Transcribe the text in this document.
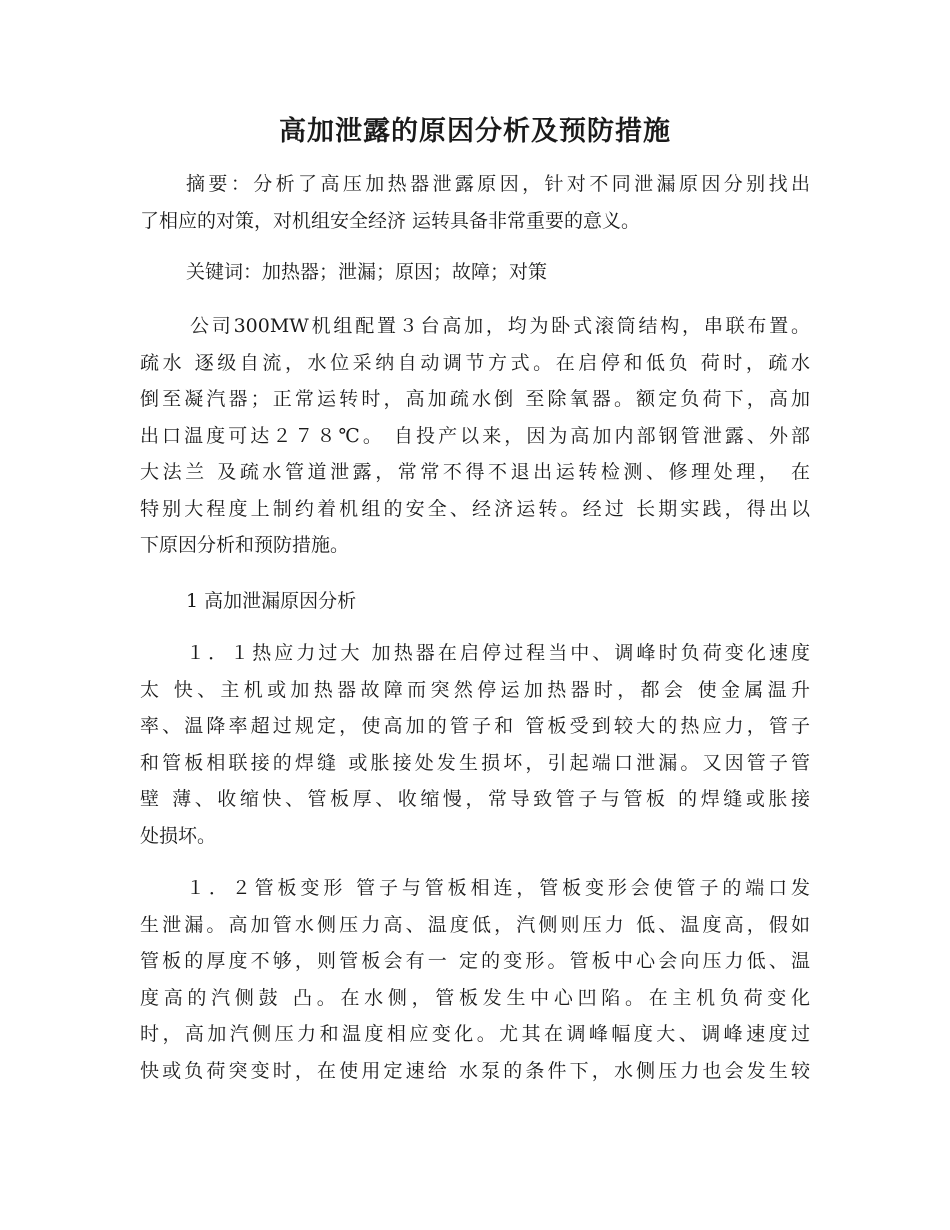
高加泄露的原因分析及预防措施
摘要：分析了高压加热器泄露原因，针对不同泄漏原因分别找出
了相应的对策，对机组安全经济 运转具备非常重要的意义。
关键词：加热器；泄漏；原因；故障；对策
公司300MW机组配置３台高加，均为卧式滚筒结构，串联布置。
疏水 逐级自流，水位采纳自动调节方式。在启停和低负 荷时，疏水
倒至凝汽器；正常运转时，高加疏水倒 至除氧器。额定负荷下，高加
出口温度可达２７８℃。 自投产以来，因为高加内部钢管泄露、外部
大法兰 及疏水管道泄露，常常不得不退出运转检测、修理处理， 在
特别大程度上制约着机组的安全、经济运转。经过 长期实践，得出以
下原因分析和预防措施。
1 高加泄漏原因分析
１．１热应力过大 加热器在启停过程当中、调峰时负荷变化速度
太 快、主机或加热器故障而突然停运加热器时，都会 使金属温升
率、温降率超过规定，使高加的管子和 管板受到较大的热应力，管子
和管板相联接的焊缝 或胀接处发生损坏，引起端口泄漏。又因管子管
壁 薄、收缩快、管板厚、收缩慢，常导致管子与管板 的焊缝或胀接
处损坏。
１．２管板变形 管子与管板相连，管板变形会使管子的端口发
生泄漏。高加管水侧压力高、温度低，汽侧则压力 低、温度高，假如
管板的厚度不够，则管板会有一 定的变形。管板中心会向压力低、温
度高的汽侧鼓 凸。在水侧，管板发生中心凹陷。在主机负荷变化
时，高加汽侧压力和温度相应变化。尤其在调峰幅度大、调峰速度过
快或负荷突变时，在使用定速给 水泵的条件下，水侧压力也会发生较
